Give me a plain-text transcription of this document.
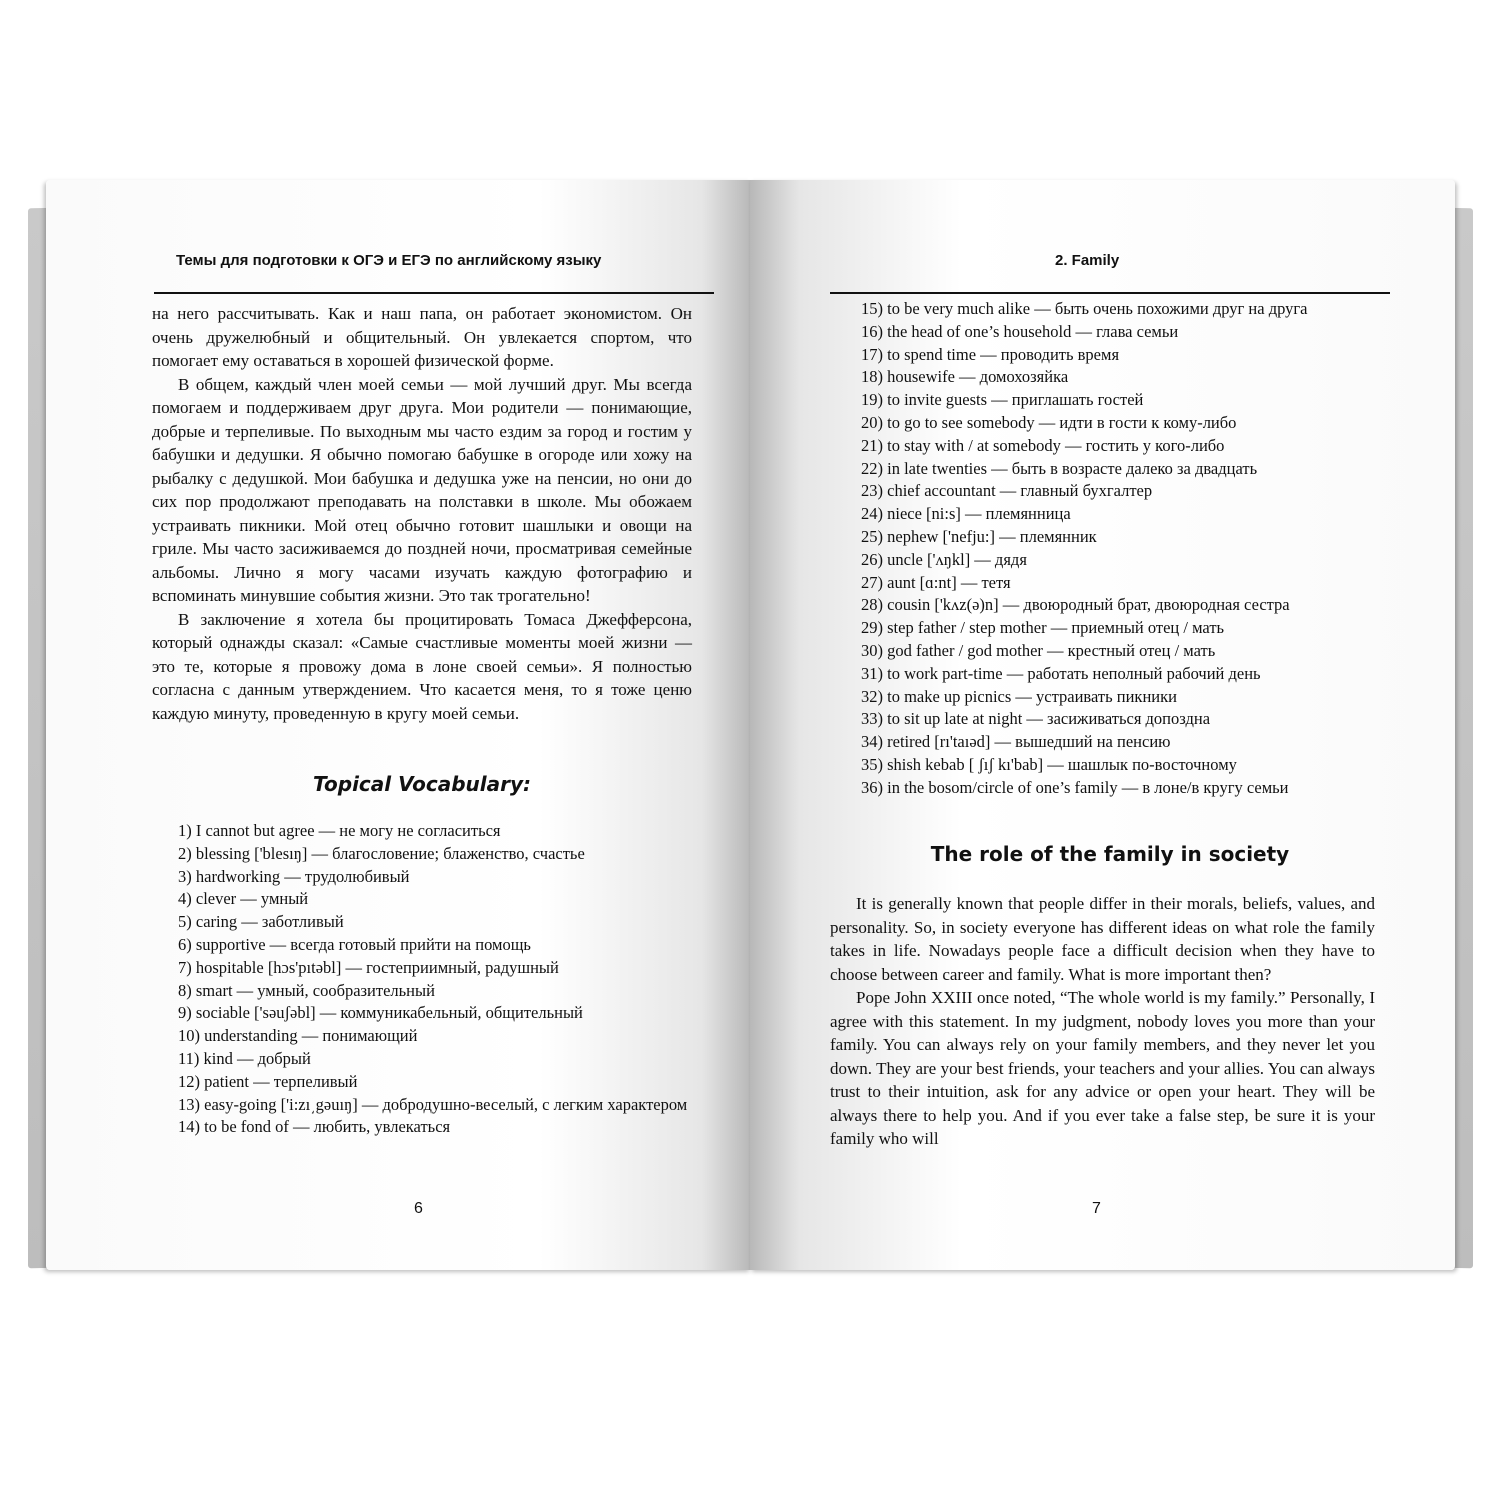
Темы для подготовки к ОГЭ и ЕГЭ по английскому языку

на него рассчитывать. Как и наш папа, он работает экономистом. Он очень дружелюбный и общительный. Он увлекается спортом, что помогает ему оставаться в хорошей физической форме.

В общем, каждый член моей семьи — мой лучший друг. Мы всегда помогаем и поддерживаем друг друга. Мои родители — понимающие, добрые и терпеливые. По выходным мы часто ездим за город и гостим у бабушки и дедушки. Я обычно помогаю бабушке в огороде или хожу на рыбалку с дедушкой. Мои бабушка и дедушка уже на пенсии, но они до сих пор продолжают преподавать на полставки в школе. Мы обожаем устраивать пикники. Мой отец обычно готовит шашлыки и овощи на гриле. Мы часто засиживаемся до поздней ночи, просматривая семейные альбомы. Лично я могу часами изучать каждую фотографию и вспоминать минувшие события жизни. Это так трогательно!

В заключение я хотела бы процитировать Томаса Джефферсона, который однажды сказал: «Самые счастливые моменты моей жизни — это те, которые я провожу дома в лоне своей семьи». Я полностью согласна с данным утверждением. Что касается меня, то я тоже ценю каждую минуту, проведенную в кругу моей семьи.

Topical Vocabulary:
1) I cannot but agree — не могу не согласиться
2) blessing ['blesıŋ] — благословение; блаженство, счастье
3) hardworking — трудолюбивый
4) clever — умный
5) caring — заботливый
6) supportive — всегда готовый прийти на помощь
7) hospitable [hɔs'pıtəbl] — гостеприимный, радушный
8) smart — умный, сообразительный
9) sociable ['səuʃəbl] — коммуникабельный, общительный
10) understanding — понимающий
11) kind — добрый
12) patient — терпеливый
13) easy-going ['i:zı͵gəuıŋ] — добродушно-веселый, с легким характером
14) to be fond of — любить, увлекаться
6
2. Family
15) to be very much alike — быть очень похожими друг на друга
16) the head of one’s household — глава семьи
17) to spend time — проводить время
18) housewife — домохозяйка
19) to invite guests — приглашать гостей
20) to go to see somebody — идти в гости к кому-либо
21) to stay with / at somebody — гостить у кого-либо
22) in late twenties — быть в возрасте далеко за двадцать
23) chief accountant — главный бухгалтер
24) niece [ni:s] — племянница
25) nephew ['nefju:] — племянник
26) uncle ['ʌŋkl] — дядя
27) aunt [ɑ:nt] — тетя
28) cousin ['kʌz(ə)n] — двоюродный брат, двоюродная сестра
29) step father / step mother — приемный отец / мать
30) god father / god mother — крестный отец / мать
31) to work part-time — работать неполный рабочий день
32) to make up picnics — устраивать пикники
33) to sit up late at night — засиживаться допоздна
34) retired [rı'taıəd] — вышедший на пенсию
35) shish kebab [ ʃıʃ kı'bab] — шашлык по-восточному
36) in the bosom/circle of one’s family — в лоне/в кругу семьи
The role of the family in society

It is generally known that people differ in their morals, beliefs, values, and personality. So, in society everyone has different ideas on what role the family takes in life. Nowadays people face a difficult decision when they have to choose between career and family. What is more important then?

Pope John XXIII once noted, “The whole world is my family.” Personally, I agree with this statement. In my judgment, nobody loves you more than your family. You can always rely on your family members, and they never let you down. They are your best friends, your teachers and your allies. You can always trust to their intuition, ask for any advice or open your heart. They will be always there to help you. And if you ever take a false step, be sure it is your family who will

7
